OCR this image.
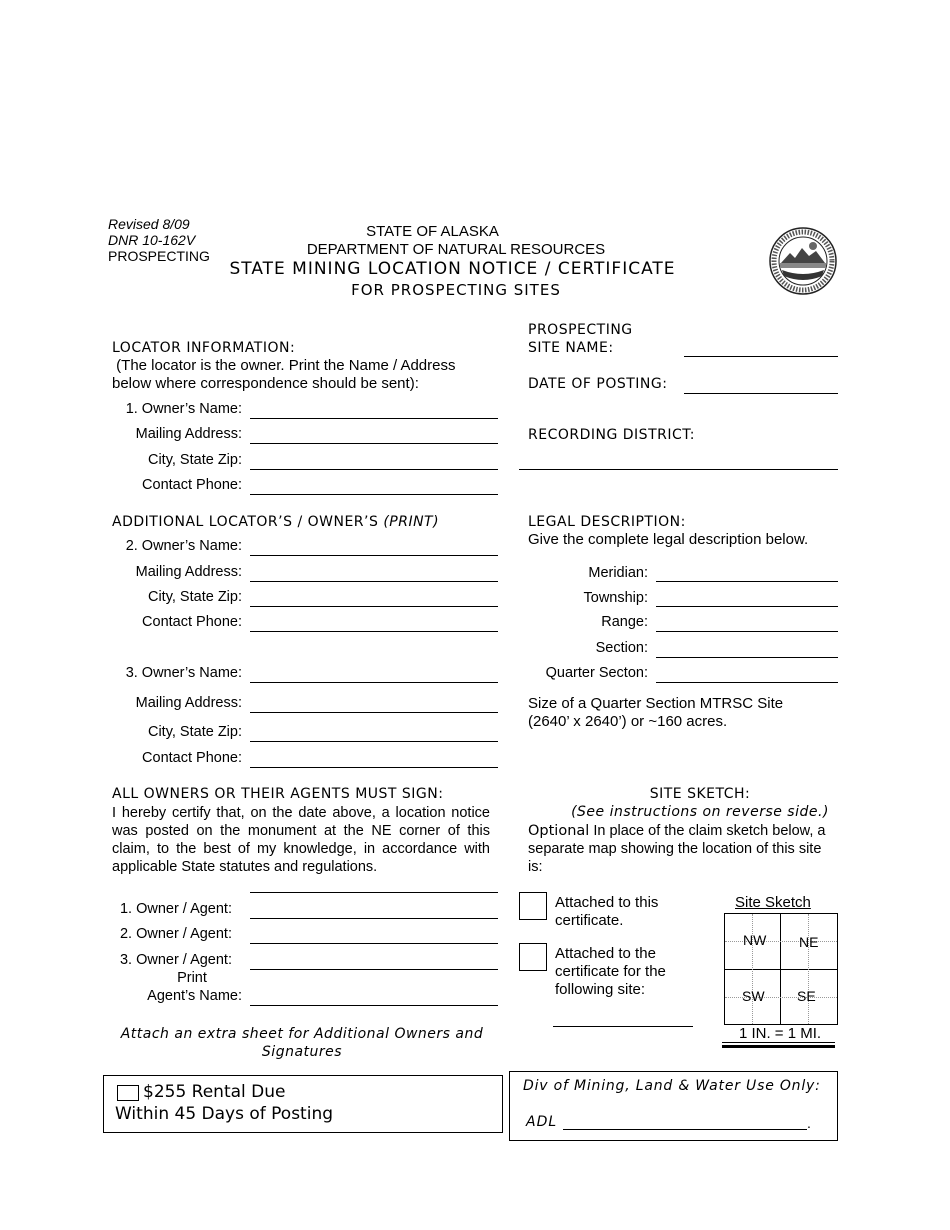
Revised 8/09
DNR 10-162V
PROSPECTING
STATE OF ALASKA
DEPARTMENT OF NATURAL RESOURCES
STATE MINING LOCATION NOTICE / CERTIFICATE
FOR PROSPECTING SITES
LOCATOR INFORMATION:
(The locator is the owner. Print the Name / Address
below where correspondence should be sent):
1. Owner’s Name:
Mailing Address:
City, State Zip:
Contact Phone:
ADDITIONAL LOCATOR’S / OWNER’S (PRINT)
2. Owner’s Name:
Mailing Address:
City, State Zip:
Contact Phone:
3. Owner’s Name:
Mailing Address:
City, State Zip:
Contact Phone:
ALL OWNERS OR THEIR AGENTS MUST SIGN:
I hereby certify that, on the date above, a location notice was posted on the monument at the NE corner of this claim, to the best of my knowledge, in accordance with applicable State statutes and regulations.
1. Owner / Agent:
2. Owner / Agent:
3. Owner / Agent:
Print
Agent’s Name:
Attach an extra sheet for Additional Owners and
Signatures
$255 Rental Due
Within 45 Days of Posting
PROSPECTING
SITE NAME:
DATE OF POSTING:
RECORDING DISTRICT:
LEGAL DESCRIPTION:
Give the complete legal description below.
Meridian:
Township:
Range:
Section:
Quarter Secton:
Size of a Quarter Section MTRSC Site
(2640’ x 2640’) or ~160 acres.
SITE SKETCH:
(See instructions on reverse side.)
Optional In place of the claim sketch below, a separate map showing the location of this site is:
Attached to this
certificate.
Attached to the
certificate for the
following site:
Site Sketch
NW NE
SW SE
1 IN. = 1 MI.
Div of Mining, Land & Water Use Only:
ADL	.
